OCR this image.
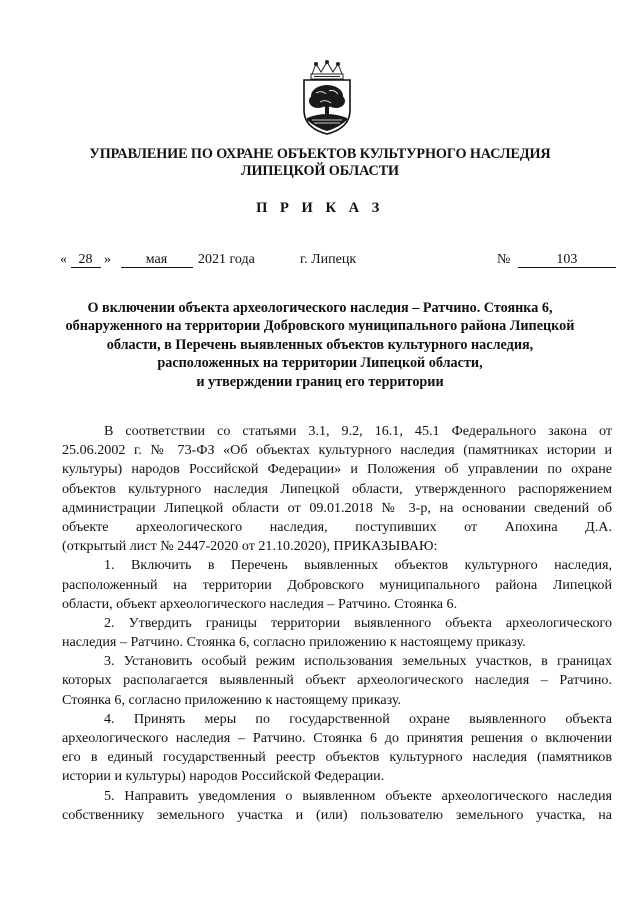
УПРАВЛЕНИЕ ПО ОХРАНЕ ОБЪЕКТОВ КУЛЬТУРНОГО НАСЛЕДИЯ
ЛИПЕЦКОЙ ОБЛАСТИ
П Р И К А З
« 28 » мая 2021 года	г. Липецк	№	103
О включении объекта археологического наследия – Ратчино. Стоянка 6,
обнаруженного на территории Добровского муниципального района Липецкой
области, в Перечень выявленных объектов культурного наследия,
расположенных на территории Липецкой области,
и утверждении границ его территории
В соответствии со статьями 3.1, 9.2, 16.1, 45.1 Федерального закона от
25.06.2002 г. № 73-ФЗ «Об объектах культурного наследия (памятниках истории и
культуры) народов Российской Федерации» и Положения об управлении по охране
объектов культурного наследия Липецкой области, утвержденного распоряжением
администрации Липецкой области от 09.01.2018 № 3-р, на основании сведений об
объекте археологического наследия, поступивших от Апохина Д.А.
(открытый лист № 2447-2020 от 21.10.2020), ПРИКАЗЫВАЮ:
1. Включить в Перечень выявленных объектов культурного наследия,
расположенный на территории Добровского муниципального района Липецкой
области, объект археологического наследия – Ратчино. Стоянка 6.
2. Утвердить границы территории выявленного объекта археологического
наследия – Ратчино. Стоянка 6, согласно приложению к настоящему приказу.
3. Установить особый режим использования земельных участков, в границах
которых располагается выявленный объект археологического наследия – Ратчино.
Стоянка 6, согласно приложению к настоящему приказу.
4. Принять меры по государственной охране выявленного объекта
археологического наследия – Ратчино. Стоянка 6 до принятия решения о включении
его в единый государственный реестр объектов культурного наследия (памятников
истории и культуры) народов Российской Федерации.
5. Направить уведомления о выявленном объекте археологического наследия
собственнику земельного участка и (или) пользователю земельного участка, на
